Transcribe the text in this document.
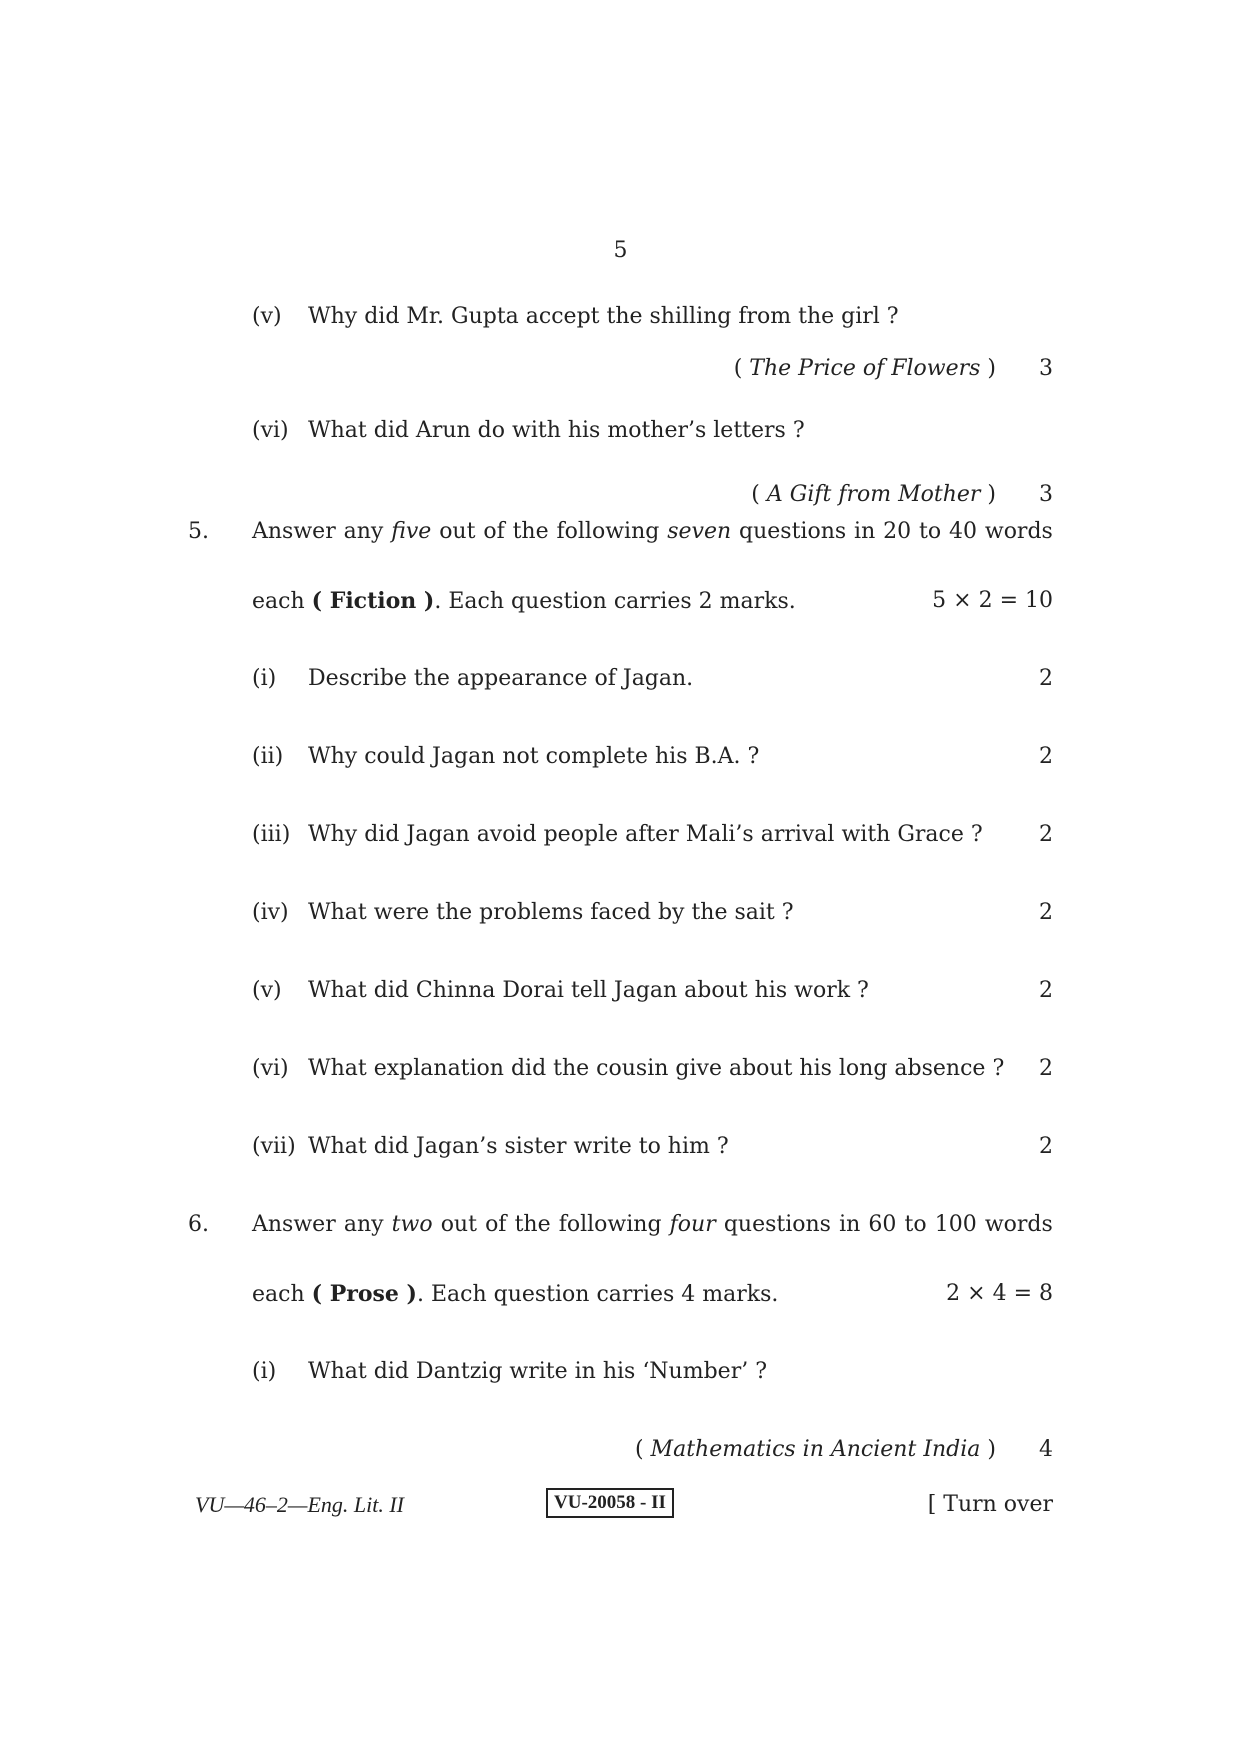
5
(v) Why did Mr. Gupta accept the shilling from the girl ?
( The Price of Flowers ) 3
(vi) What did Arun do with his mother’s letters ?
( A Gift from Mother ) 3
5. Answer any five out of the following seven questions in 20 to 40 words
each ( Fiction ). Each question carries 2 marks.	5 × 2 = 10
(i) Describe the appearance of Jagan.	2
(ii) Why could Jagan not complete his B.A. ?	2
(iii) Why did Jagan avoid people after Mali’s arrival with Grace ?	2
(iv) What were the problems faced by the sait ?	2
(v) What did Chinna Dorai tell Jagan about his work ?	2
(vi) What explanation did the cousin give about his long absence ? 2
(vii) What did Jagan’s sister write to him ?	2
6. Answer any two out of the following four questions in 60 to 100 words
each ( Prose ). Each question carries 4 marks.	2 × 4 = 8
(i) What did Dantzig write in his ‘Number’ ?
( Mathematics in Ancient India ) 4
VU—46–2—Eng. Lit. II	VU-20058 - II	[ Turn over
